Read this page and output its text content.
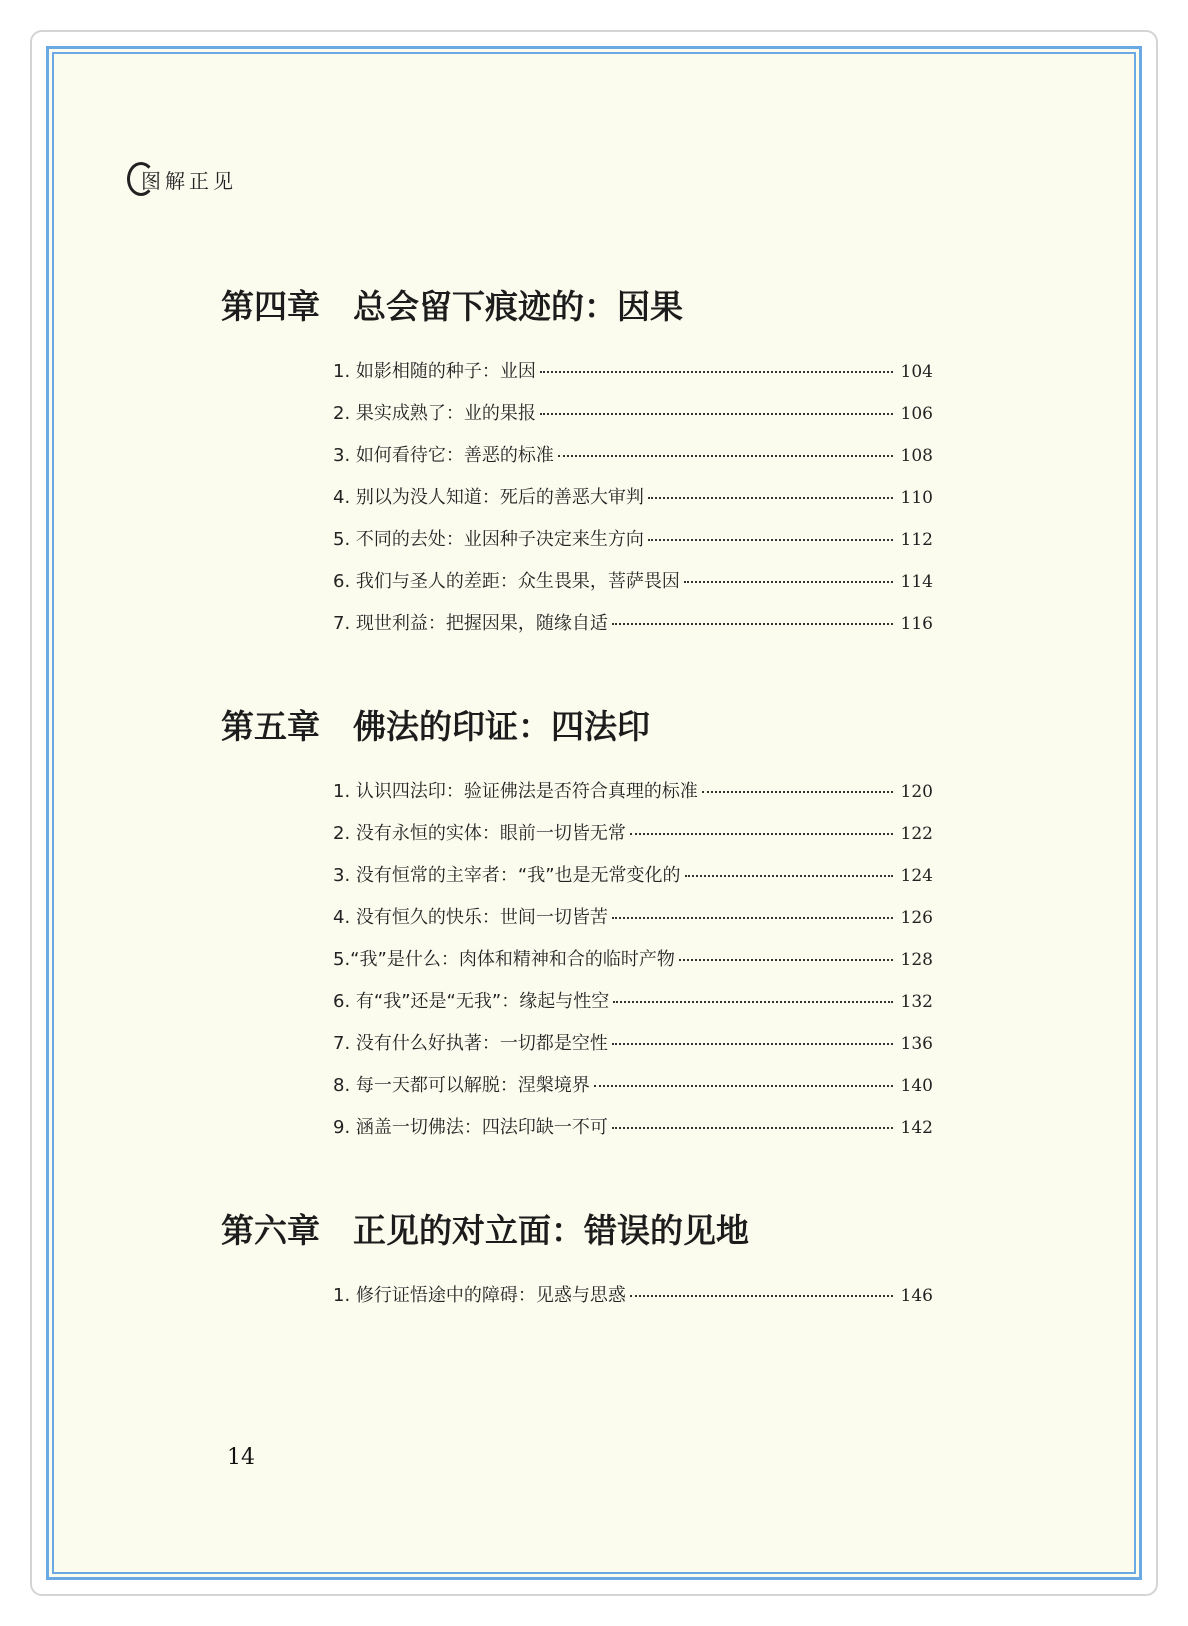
图解正见
第四章	总会留下痕迹的：因果
1. 如影相随的种子：业因	104
2. 果实成熟了：业的果报	106
3. 如何看待它：善恶的标准	108
4. 别以为没人知道：死后的善恶大审判	110
5. 不同的去处：业因种子决定来生方向	112
6. 我们与圣人的差距：众生畏果，菩萨畏因	114
7. 现世利益：把握因果，随缘自适	116
第五章	佛法的印证：四法印
1. 认识四法印：验证佛法是否符合真理的标准	120
2. 没有永恒的实体：眼前一切皆无常	122
3. 没有恒常的主宰者：“我”也是无常变化的	124
4. 没有恒久的快乐：世间一切皆苦	126
5.“我”是什么：肉体和精神和合的临时产物	128
6. 有“我”还是“无我”：缘起与性空	132
7. 没有什么好执著：一切都是空性	136
8. 每一天都可以解脱：涅槃境界	140
9. 涵盖一切佛法：四法印缺一不可	142
第六章	正见的对立面：错误的见地
1. 修行证悟途中的障碍：见惑与思惑	146
14
